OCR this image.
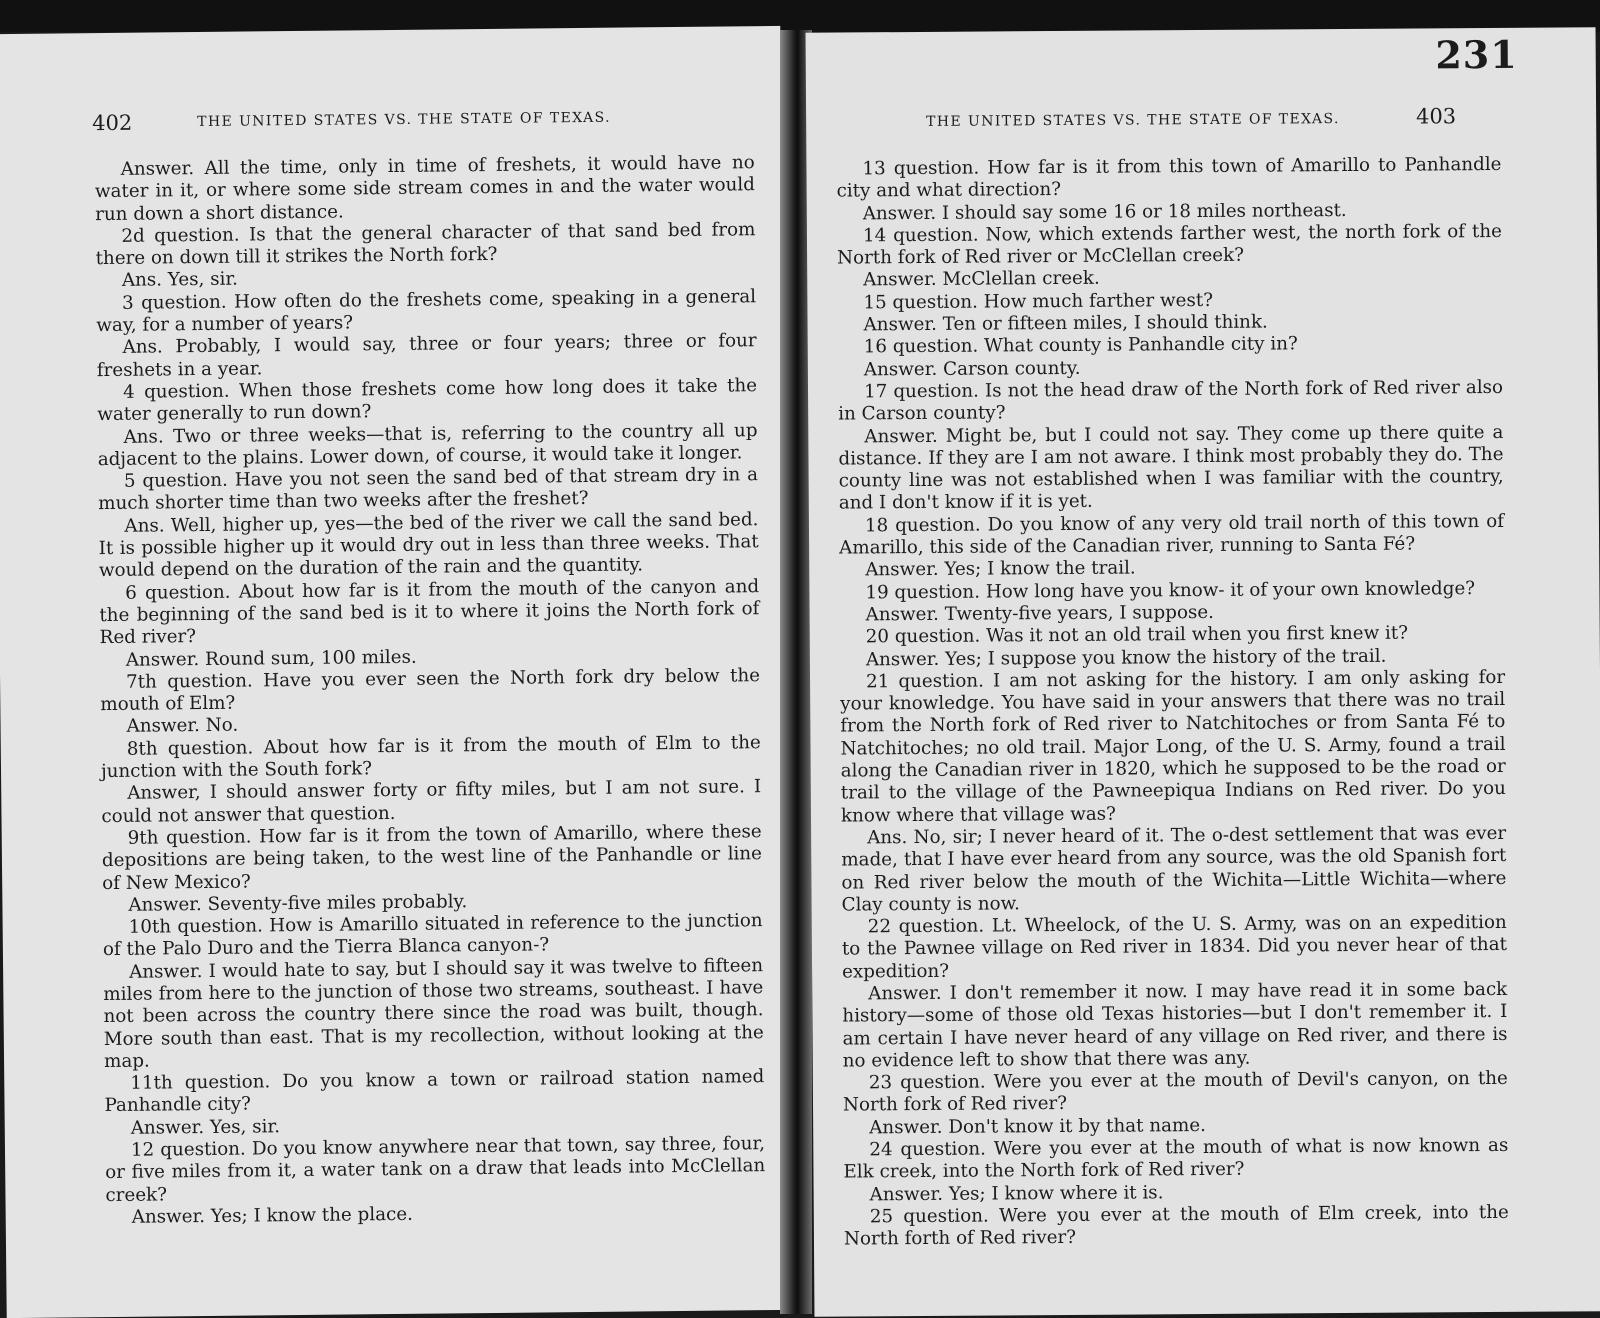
402	THE UNITED STATES VS. THE STATE OF TEXAS.

Answer. All the time, only in time of freshets, it would have no water in it, or where some side stream comes in and the water would run down a short distance.

2d question. Is that the general character of that sand bed from there on down till it strikes the North fork?

Ans. Yes, sir.

3 question. How often do the freshets come, speaking in a general way, for a number of years?

Ans. Probably, I would say, three or four years; three or four freshets in a year.

4 question. When those freshets come how long does it take the water generally to run down?

Ans. Two or three weeks—that is, referring to the country all up adjacent to the plains. Lower down, of course, it would take it longer.

5 question. Have you not seen the sand bed of that stream dry in a much shorter time than two weeks after the freshet?

Ans. Well, higher up, yes—the bed of the river we call the sand bed. It is possible higher up it would dry out in less than three weeks. That would depend on the duration of the rain and the quantity.

6 question. About how far is it from the mouth of the canyon and the beginning of the sand bed is it to where it joins the North fork of Red river?

Answer. Round sum, 100 miles.

7th question. Have you ever seen the North fork dry below the mouth of Elm?

Answer. No.

8th question. About how far is it from the mouth of Elm to the junction with the South fork?

Answer, I should answer forty or fifty miles, but I am not sure. I could not answer that question.

9th question. How far is it from the town of Amarillo, where these depositions are being taken, to the west line of the Panhandle or line of New Mexico?

Answer. Seventy-five miles probably.

10th question. How is Amarillo situated in reference to the junction of the Palo Duro and the Tierra Blanca canyon-?

Answer. I would hate to say, but I should say it was twelve to fifteen miles from here to the junction of those two streams, southeast. I have not been across the country there since the road was built, though. More south than east. That is my recollection, without looking at the map.

11th question. Do you know a town or railroad station named Panhandle city?

Answer. Yes, sir.

12 question. Do you know anywhere near that town, say three, four, or five miles from it, a water tank on a draw that leads into McClellan creek?

Answer. Yes; I know the place.

THE UNITED STATES VS. THE STATE OF TEXAS.	403
231

13 question. How far is it from this town of Amarillo to Panhandle city and what direction?

Answer. I should say some 16 or 18 miles northeast.

14 question. Now, which extends farther west, the north fork of the North fork of Red river or McClellan creek?

Answer. McClellan creek.

15 question. How much farther west?

Answer. Ten or fifteen miles, I should think.

16 question. What county is Panhandle city in?

Answer. Carson county.

17 question. Is not the head draw of the North fork of Red river also in Carson county?

Answer. Might be, but I could not say. They come up there quite a distance. If they are I am not aware. I think most probably they do. The county line was not established when I was familiar with the country, and I don't know if it is yet.

18 question. Do you know of any very old trail north of this town of Amarillo, this side of the Canadian river, running to Santa Fé?

Answer. Yes; I know the trail.

19 question. How long have you know- it of your own knowledge?

Answer. Twenty-five years, I suppose.

20 question. Was it not an old trail when you first knew it?

Answer. Yes; I suppose you know the history of the trail.

21 question. I am not asking for the history. I am only asking for your knowledge. You have said in your answers that there was no trail from the North fork of Red river to Natchitoches or from Santa Fé to Natchitoches; no old trail. Major Long, of the U. S. Army, found a trail along the Canadian river in 1820, which he supposed to be the road or trail to the village of the Pawneepiqua Indians on Red river. Do you know where that village was?

Ans. No, sir; I never heard of it. The o-dest settlement that was ever made, that I have ever heard from any source, was the old Spanish fort on Red river below the mouth of the Wichita—Little Wichita—where Clay county is now.

22 question. Lt. Wheelock, of the U. S. Army, was on an expedition to the Pawnee village on Red river in 1834. Did you never hear of that expedition?

Answer. I don't remember it now. I may have read it in some back history—some of those old Texas histories—but I don't remember it. I am certain I have never heard of any village on Red river, and there is no evidence left to show that there was any.

23 question. Were you ever at the mouth of Devil's canyon, on the North fork of Red river?

Answer. Don't know it by that name.

24 question. Were you ever at the mouth of what is now known as Elk creek, into the North fork of Red river?

Answer. Yes; I know where it is.

25 question. Were you ever at the mouth of Elm creek, into the North forth of Red river?
